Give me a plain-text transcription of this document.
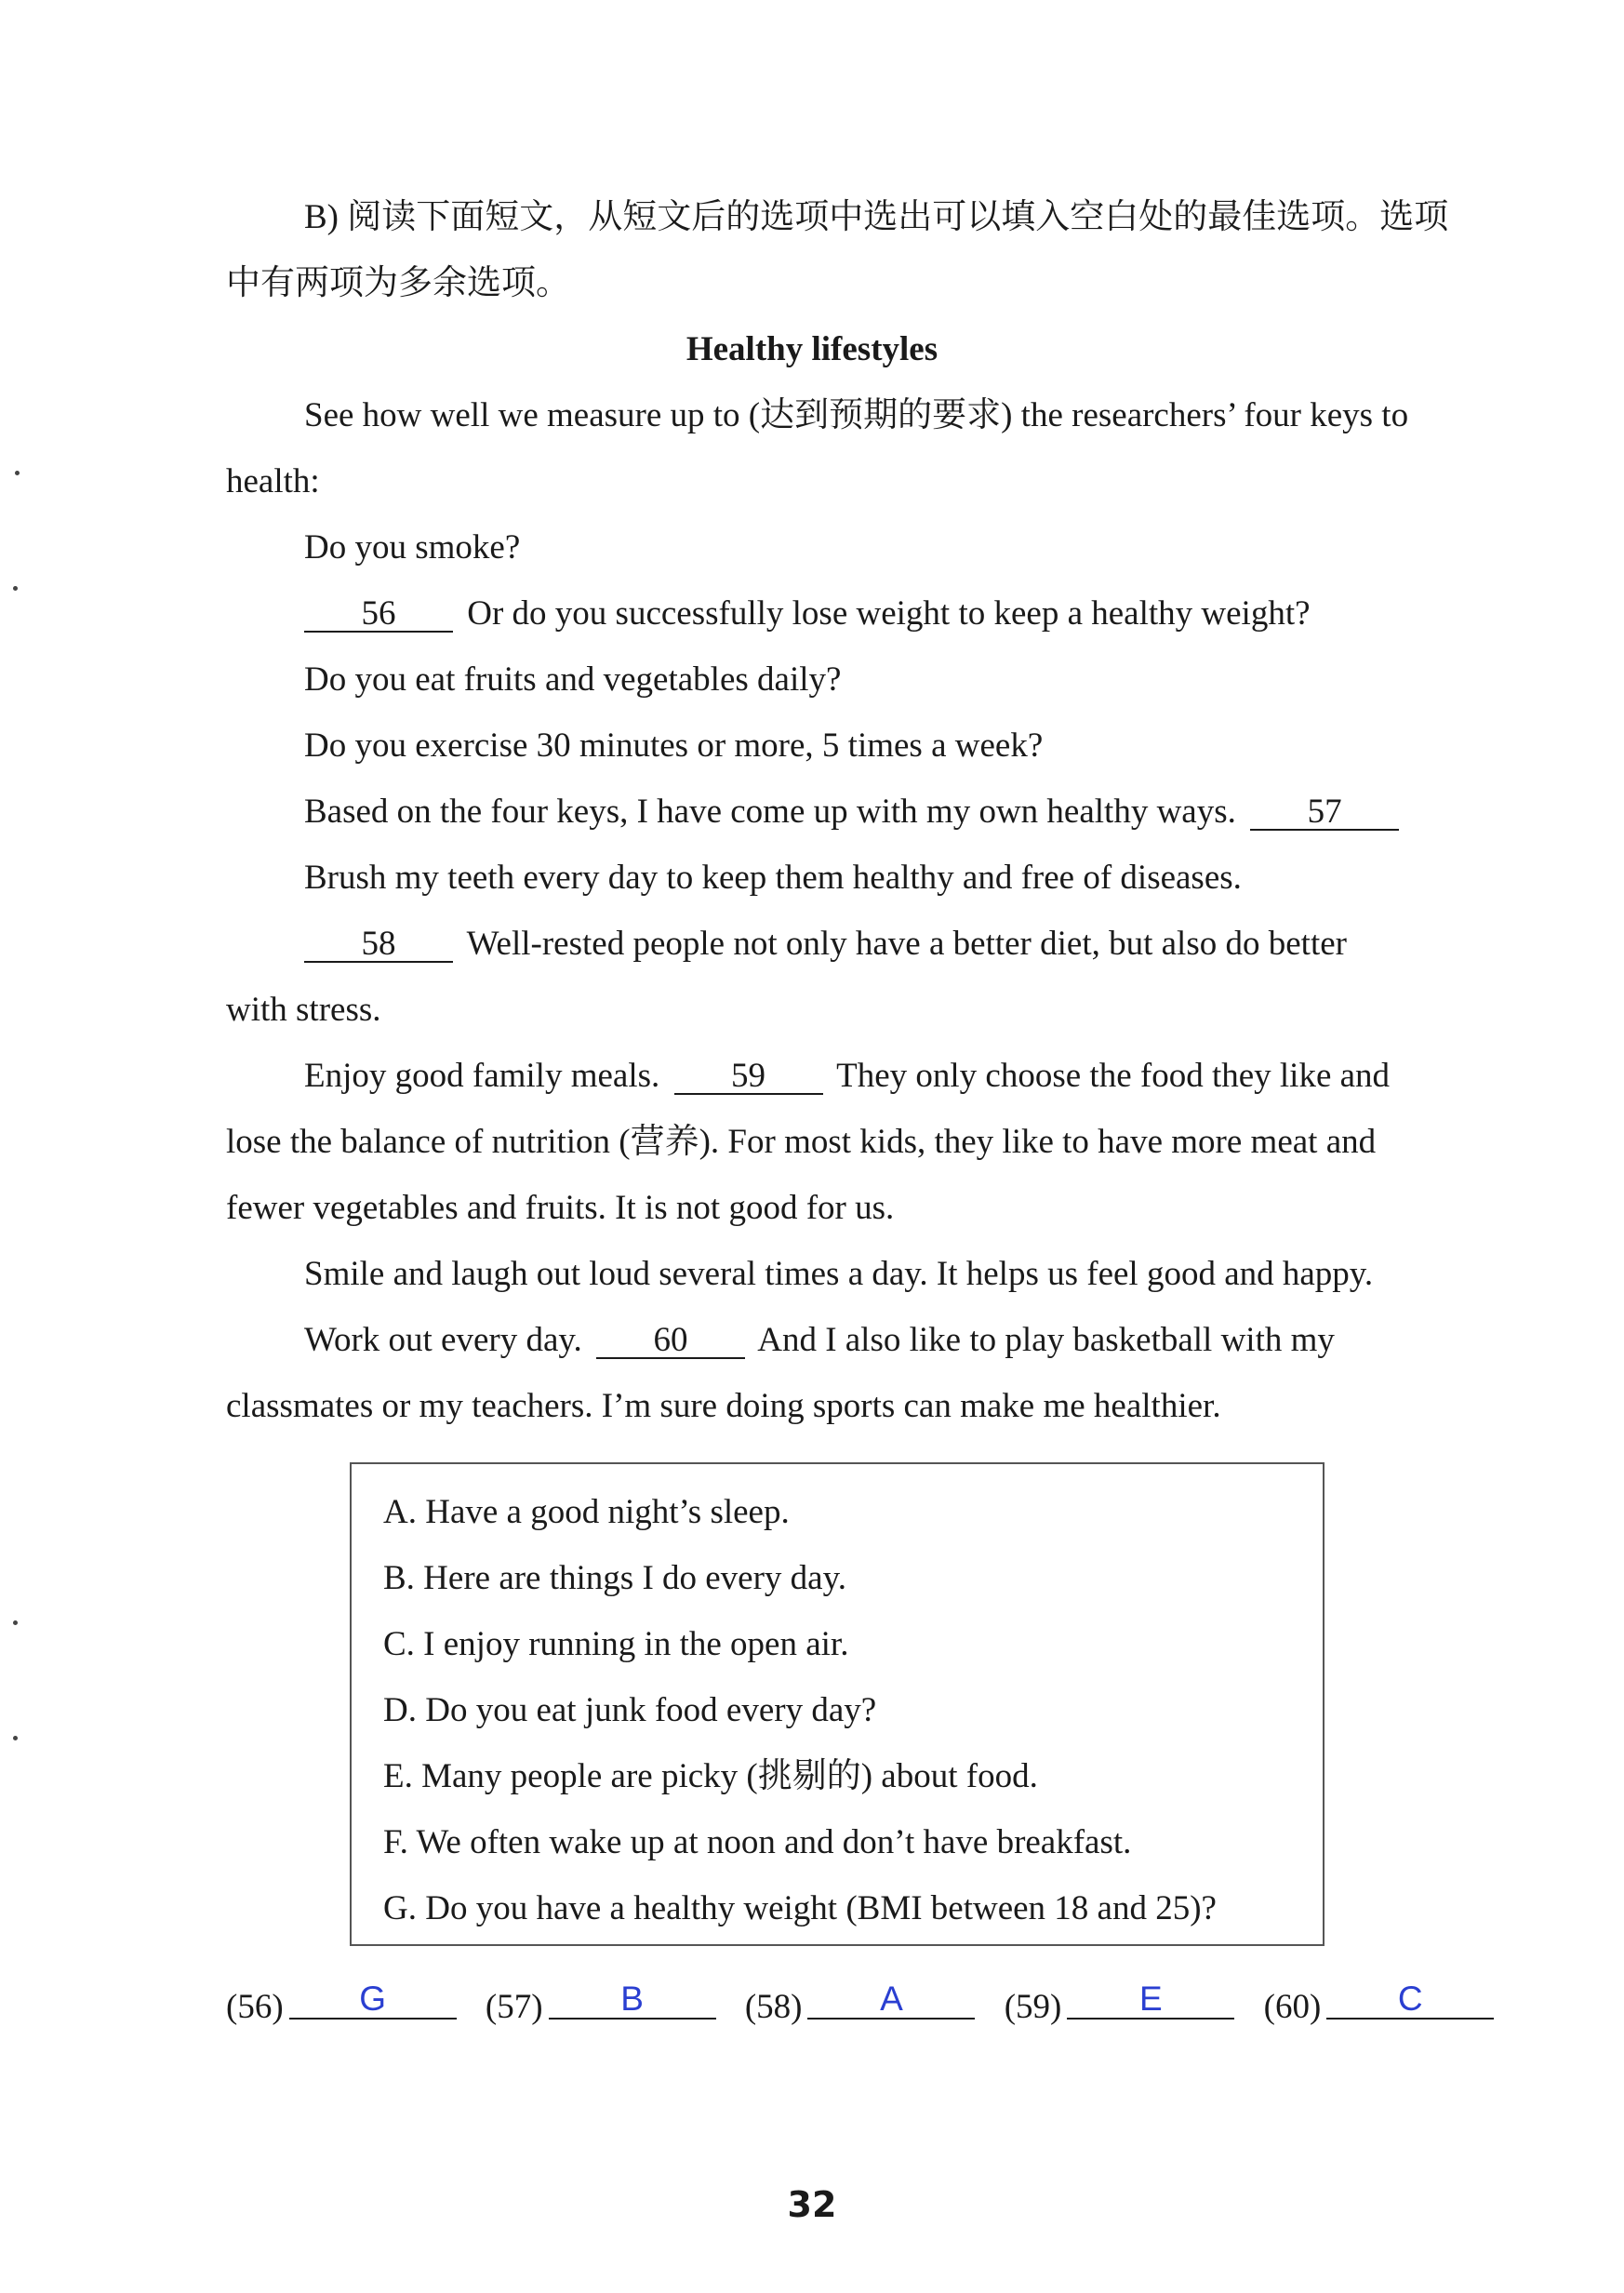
B) 阅读下面短文，从短文后的选项中选出可以填入空白处的最佳选项。选项
中有两项为多余选项。
Healthy lifestyles
See how well we measure up to (达到预期的要求) the researchers’ four keys to
health:
Do you smoke?
56 Or do you successfully lose weight to keep a healthy weight?
Do you eat fruits and vegetables daily?
Do you exercise 30 minutes or more, 5 times a week?
Based on the four keys, I have come up with my own healthy ways. 57
Brush my teeth every day to keep them healthy and free of diseases.
58 Well-rested people not only have a better diet, but also do better
with stress.
Enjoy good family meals. 59 They only choose the food they like and
lose the balance of nutrition (营养). For most kids, they like to have more meat and
fewer vegetables and fruits. It is not good for us.
Smile and laugh out loud several times a day. It helps us feel good and happy.
Work out every day. 60 And I also like to play basketball with my
classmates or my teachers. I’m sure doing sports can make me healthier.
A. Have a good night’s sleep.
B. Here are things I do every day.
C. I enjoy running in the open air.
D. Do you eat junk food every day?
E. Many people are picky (挑剔的) about food.
F. We often wake up at noon and don’t have breakfast.
G. Do you have a healthy weight (BMI between 18 and 25)?
(56) G	(57) B	(58) A	(59) E	(60) C
32
